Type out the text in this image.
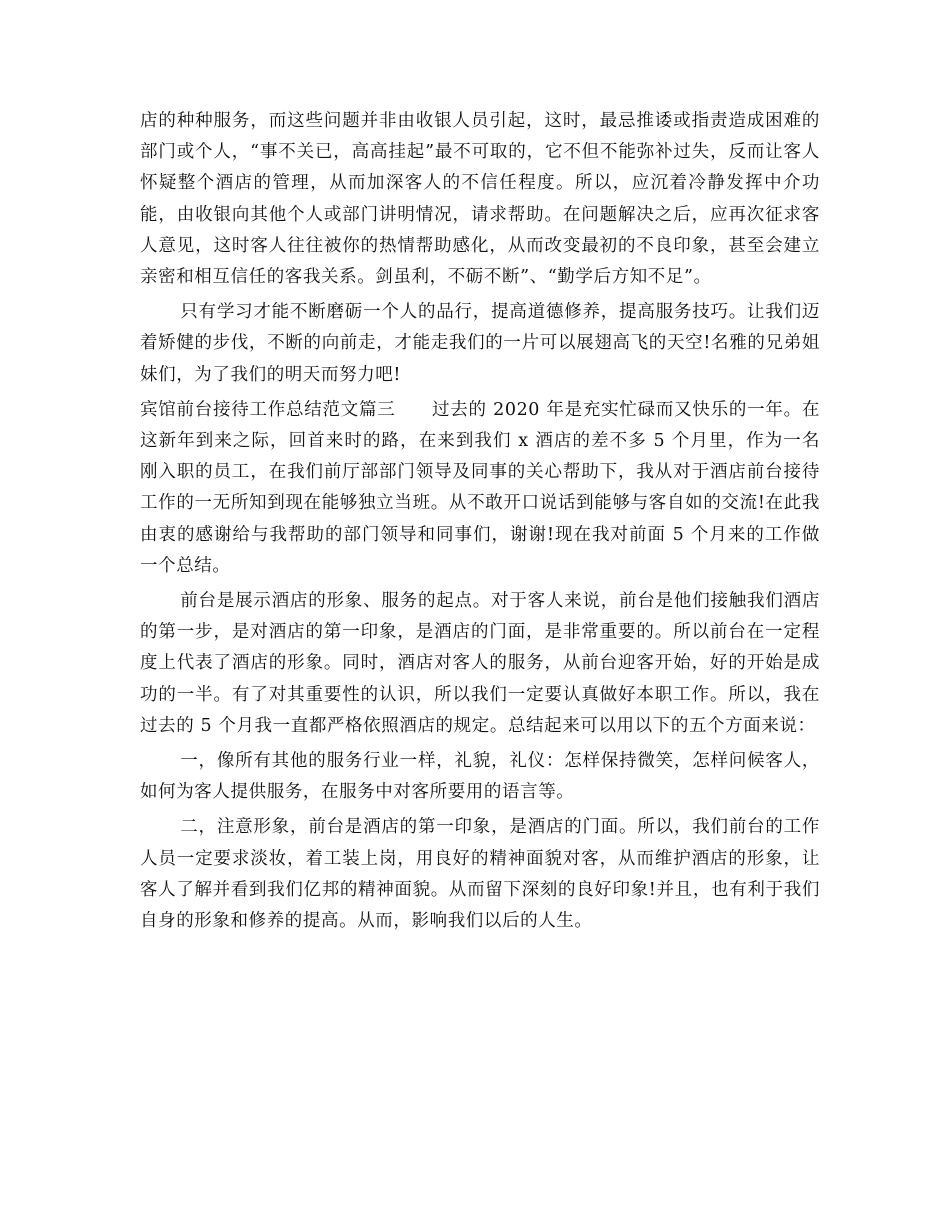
店的种种服务，而这些问题并非由收银人员引起，这时，最忌推诿或指责造成困难的部门或个人，“事不关已，高高挂起”最不可取的，它不但不能弥补过失，反而让客人怀疑整个酒店的管理，从而加深客人的不信任程度。所以，应沉着冷静发挥中介功能，由收银向其他个人或部门讲明情况，请求帮助。在问题解决之后，应再次征求客人意见，这时客人往往被你的热情帮助感化，从而改变最初的不良印象，甚至会建立亲密和相互信任的客我关系。剑虽利，不砺不断”、“勤学后方知不足”。

只有学习才能不断磨砺一个人的品行，提高道德修养，提高服务技巧。让我们迈着矫健的步伐，不断的向前走，才能走我们的一片可以展翅高飞的天空!名雅的兄弟姐妹们，为了我们的明天而努力吧!

宾馆前台接待工作总结范文篇三　　过去的 2020 年是充实忙碌而又快乐的一年。在这新年到来之际，回首来时的路，在来到我们 x 酒店的差不多 5 个月里，作为一名刚入职的员工，在我们前厅部部门领导及同事的关心帮助下，我从对于酒店前台接待工作的一无所知到现在能够独立当班。从不敢开口说话到能够与客自如的交流!在此我由衷的感谢给与我帮助的部门领导和同事们，谢谢!现在我对前面 5 个月来的工作做一个总结。

前台是展示酒店的形象、服务的起点。对于客人来说，前台是他们接触我们酒店的第一步，是对酒店的第一印象，是酒店的门面，是非常重要的。所以前台在一定程度上代表了酒店的形象。同时，酒店对客人的服务，从前台迎客开始，好的开始是成功的一半。有了对其重要性的认识，所以我们一定要认真做好本职工作。所以，我在过去的 5 个月我一直都严格依照酒店的规定。总结起来可以用以下的五个方面来说：

一，像所有其他的服务行业一样，礼貌，礼仪：怎样保持微笑，怎样问候客人，如何为客人提供服务，在服务中对客所要用的语言等。

二，注意形象，前台是酒店的第一印象，是酒店的门面。所以，我们前台的工作人员一定要求淡妆，着工装上岗，用良好的精神面貌对客，从而维护酒店的形象，让客人了解并看到我们亿邦的精神面貌。从而留下深刻的良好印象!并且，也有利于我们自身的形象和修养的提高。从而，影响我们以后的人生。
